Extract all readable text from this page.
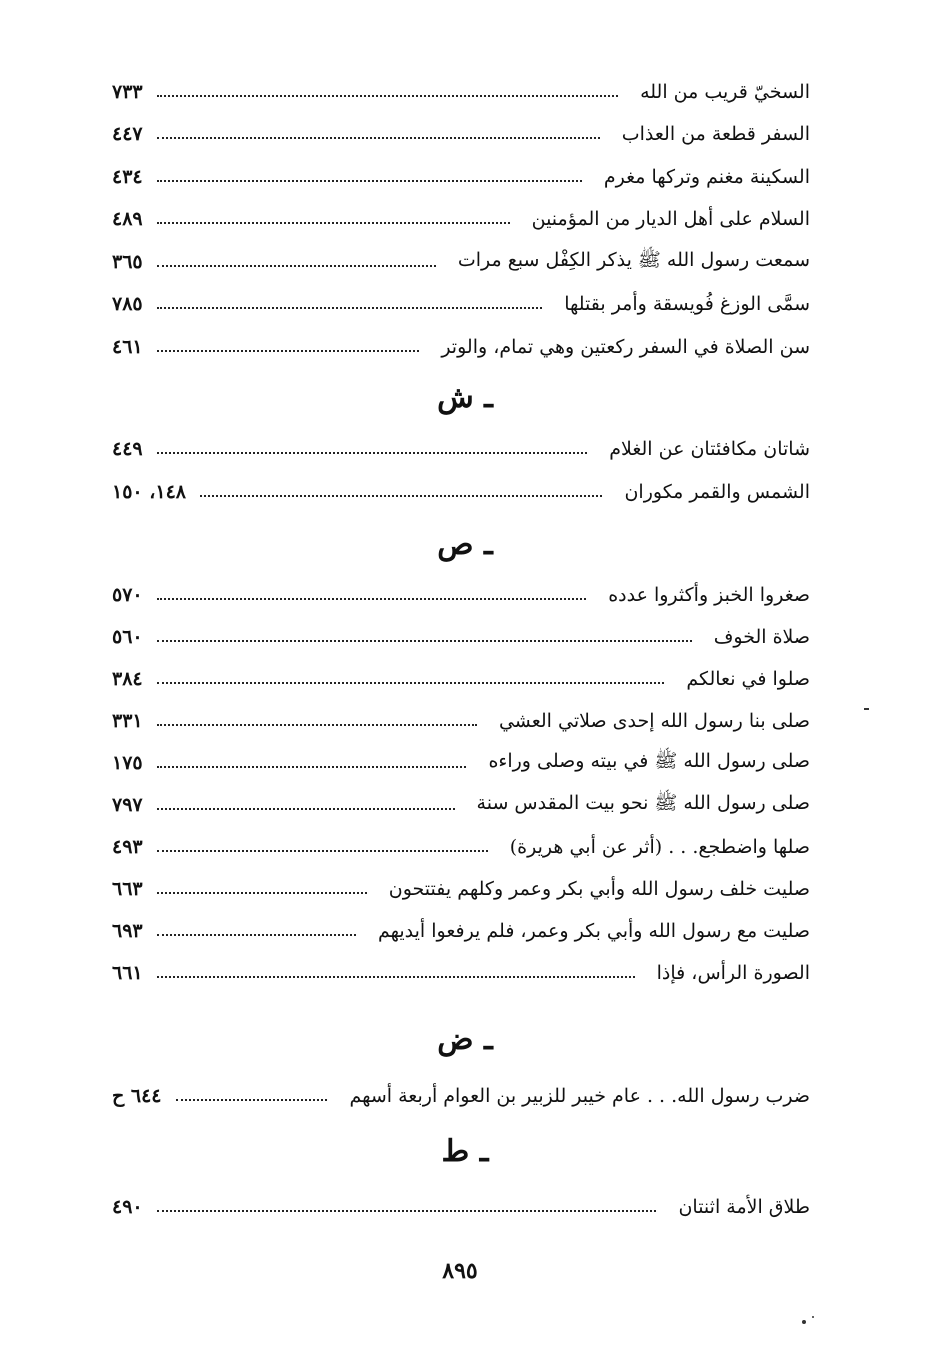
السخيّ قريب من الله
٧٣٣
السفر قطعة من العذاب
٤٤٧
السكينة مغنم وتركها مغرم
٤٣٤
السلام على أهل الديار من المؤمنين
٤٨٩
سمعت رسول الله ﷺ يذكر الكِفْل سبع مرات
٣٦٥
سمَّى الوزغ فُويسقة وأمر بقتلها
٧٨٥
سن الصلاة في السفر ركعتين وهي تمام، والوتر
٤٦١
ـ ش
شاتان مكافئتان عن الغلام
٤٤٩
الشمس والقمر مكوران
١٤٨، ١٥٠
ـ ص
صغروا الخبز وأكثروا عدده
٥٧٠
صلاة الخوف
٥٦٠
صلوا في نعالكم
٣٨٤
صلى بنا رسول الله إحدى صلاتي العشي
٣٣١
صلى رسول الله ﷺ في بيته وصلى وراءه
١٧٥
صلى رسول الله ﷺ نحو بيت المقدس سنة
٧٩٧
صلها واضطجع. . . (أثر عن أبي هريرة)
٤٩٣
صليت خلف رسول الله وأبي بكر وعمر وكلهم يفتتحون
٦٦٣
صليت مع رسول الله وأبي بكر وعمر، فلم يرفعوا أيديهم
٦٩٣
الصورة الرأس، فإذا
٦٦١
ـ ض
ضرب رسول الله. . . عام خيبر للزبير بن العوام أربعة أسهم
٦٤٤ ح
ـ ط
طلاق الأمة اثنتان
٤٩٠
٨٩٥
